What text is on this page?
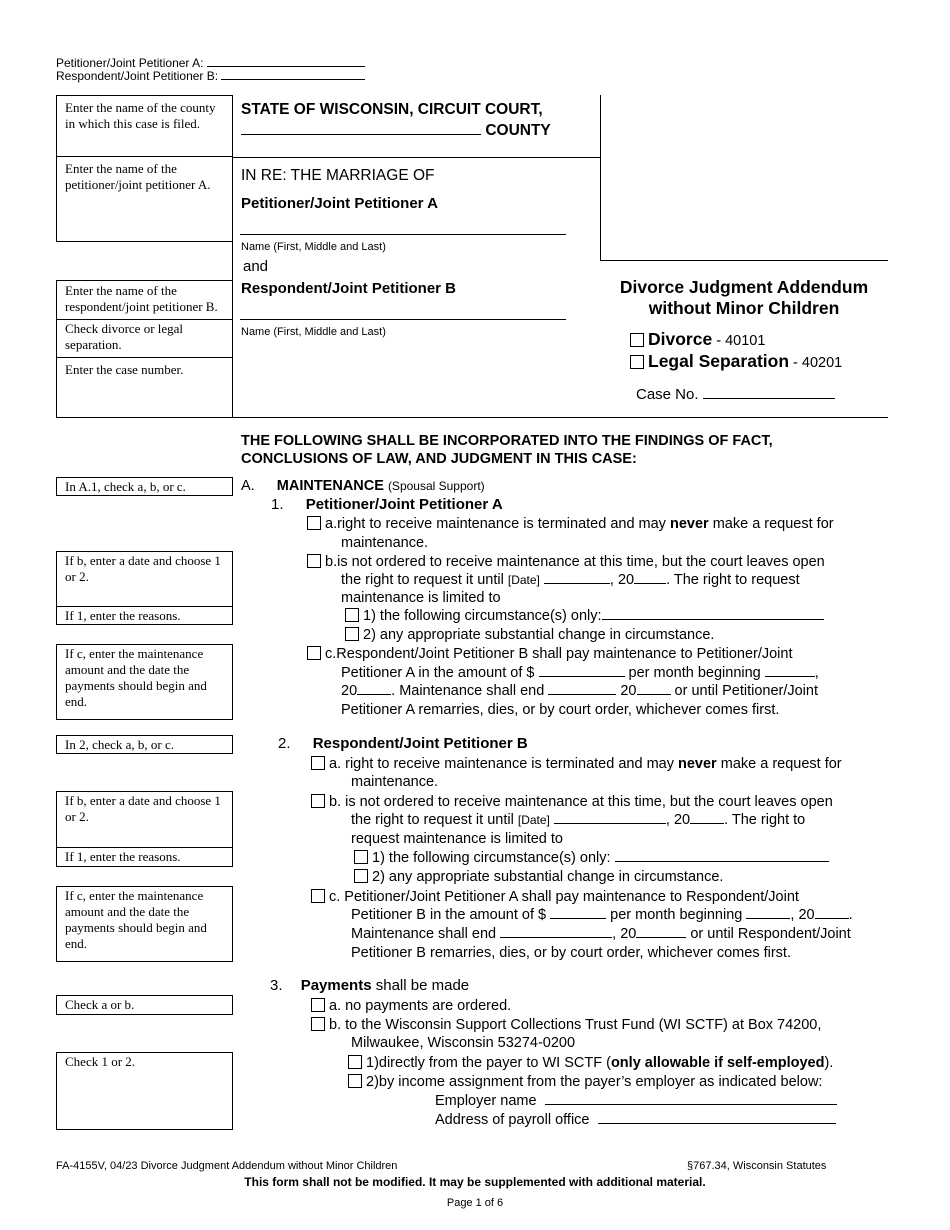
Petitioner/Joint Petitioner A:
Respondent/Joint Petitioner B:
Enter the name of the county in which this case is filed.
Enter the name of the petitioner/joint petitioner A.
Enter the name of the respondent/joint petitioner B.
Check divorce or legal separation.
Enter the case number.
STATE OF WISCONSIN, CIRCUIT COURT,
COUNTY
IN RE: THE MARRIAGE OF
Petitioner/Joint Petitioner A
Name (First, Middle and Last)
and
Respondent/Joint Petitioner B
Name (First, Middle and Last)
Divorce Judgment Addendum
without Minor Children
Divorce - 40101
Legal Separation - 40201
Case No.
THE FOLLOWING SHALL BE INCORPORATED INTO THE FINDINGS OF FACT,
CONCLUSIONS OF LAW, AND JUDGMENT IN THIS CASE:
In A.1, check a, b, or c.
If b, enter a date and choose 1 or 2.
If 1, enter the reasons.
If c, enter the maintenance amount and the date the payments should begin and end.
In 2, check a, b, or c.
If b, enter a date and choose 1 or 2.
If 1, enter the reasons.
If c, enter the maintenance amount and the date the payments should begin and end.
Check a or b.
Check 1 or 2.
A. MAINTENANCE (Spousal Support)
1. Petitioner/Joint Petitioner A
a.right to receive maintenance is terminated and may never make a request for
maintenance.
b.is not ordered to receive maintenance at this time, but the court leaves open
the right to request it until [Date]	, 20 . The right to request
maintenance is limited to
1) the following circumstance(s) only:
2) any appropriate substantial change in circumstance.
c.Respondent/Joint Petitioner B shall pay maintenance to Petitioner/Joint
Petitioner A in the amount of $	per month beginning	,
20 . Maintenance shall end	20	or until Petitioner/Joint
Petitioner A remarries, dies, or by court order, whichever comes first.
2. Respondent/Joint Petitioner B
a. right to receive maintenance is terminated and may never make a request for
maintenance.
b. is not ordered to receive maintenance at this time, but the court leaves open
the right to request it until [Date]	, 20 . The right to
request maintenance is limited to
1) the following circumstance(s) only:
2) any appropriate substantial change in circumstance.
c. Petitioner/Joint Petitioner A shall pay maintenance to Respondent/Joint
Petitioner B in the amount of $	per month beginning	, 20 .
Maintenance shall end	, 20	or until Respondent/Joint
Petitioner B remarries, dies, or by court order, whichever comes first.
3. Payments shall be made
a. no payments are ordered.
b. to the Wisconsin Support Collections Trust Fund (WI SCTF) at Box 74200,
Milwaukee, Wisconsin 53274-0200
1)directly from the payer to WI SCTF (only allowable if self-employed).
2)by income assignment from the payer’s employer as indicated below:
Employer name
Address of payroll office
FA-4155V, 04/23 Divorce Judgment Addendum without Minor Children	§767.34, Wisconsin Statutes
This form shall not be modified. It may be supplemented with additional material.
Page 1 of 6
